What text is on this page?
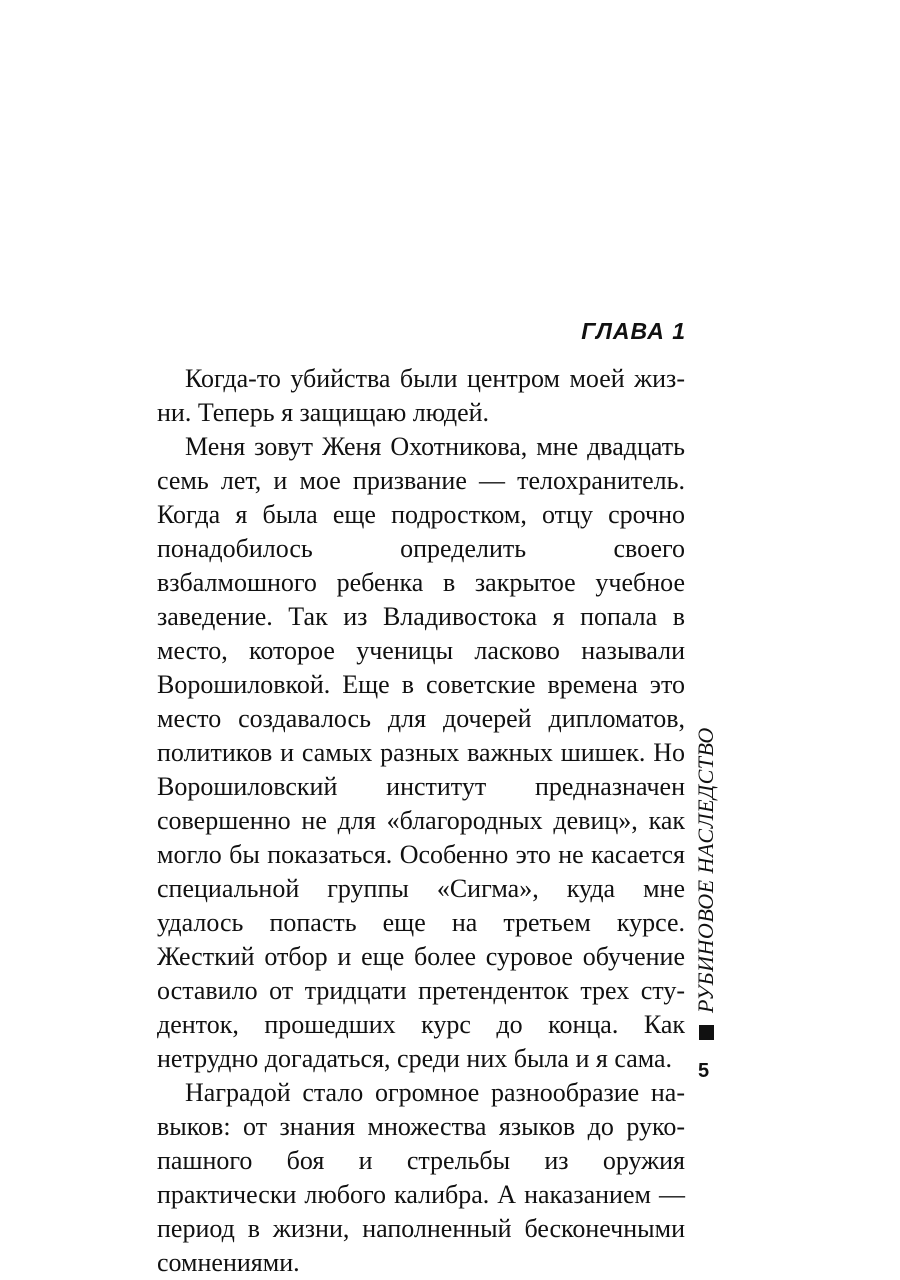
ГЛАВА 1

Когда-то убийства были центром моей жизни. Теперь я защищаю людей.

Меня зовут Женя Охотникова, мне двадцать семь лет, и мое призвание — телохранитель. Когда я была еще подростком, отцу срочно понадобилось определить своего взбалмошного ребенка в закрытое учебное заведение. Так из Владивостока я попала в место, которое ученицы ласково называли Ворошиловкой. Еще в советские времена это место создавалось для дочерей дипломатов, политиков и самых разных важных шишек. Но Ворошиловский институт предназначен совершенно не для «благородных девиц», как могло бы показаться. Особенно это не касается специальной группы «Сигма», куда мне удалось попасть еще на третьем курсе. Жесткий отбор и еще более суровое обучение оставило от тридцати претенденток трех студенток, прошедших курс до конца. Как нетрудно догадаться, среди них была и я сама.

Наградой стало огромное разнообразие навыков: от знания множества языков до рукопашного боя и стрельбы из оружия практически любого калибра. А наказанием — период в жизни, наполненный бесконечными сомнениями.

РУБИНОВОЕ НАСЛЕДСТВО
5
